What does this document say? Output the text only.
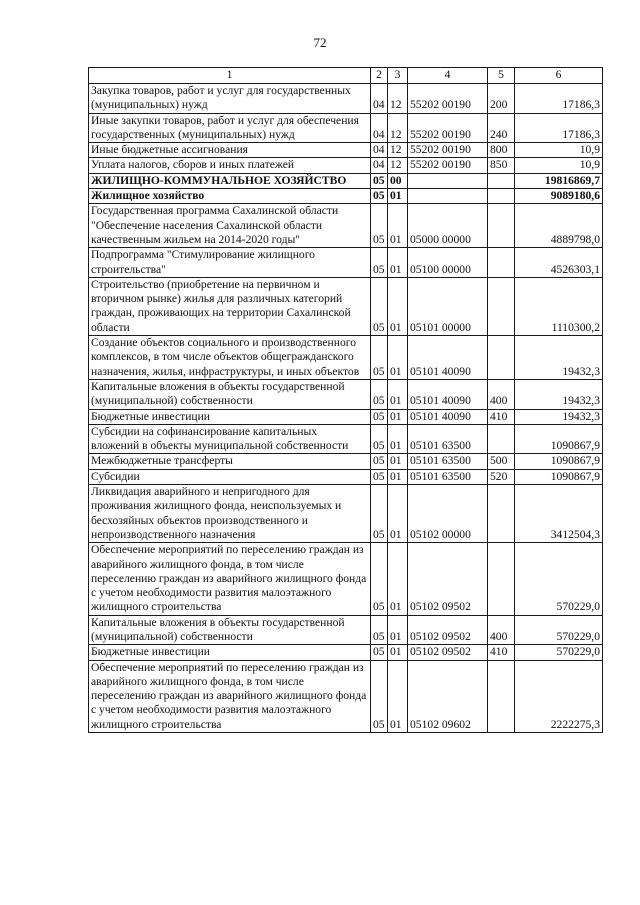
72
1	2	3	4	5	6
Закупка товаров, работ и услуг для государственных (муниципальных) нужд	04	12	55202 00190	200	17186,3
Иные закупки товаров, работ и услуг для обеспечения государственных (муниципальных) нужд	04	12	55202 00190	240	17186,3
Иные бюджетные ассигнования	04	12	55202 00190	800	10,9
Уплата налогов, сборов и иных платежей	04	12	55202 00190	850	10,9
ЖИЛИЩНО-КОММУНАЛЬНОЕ ХОЗЯЙСТВО	05	00			19816869,7
Жилищное хозяйство	05	01			9089180,6
Государственная программа Сахалинской области "Обеспечение населения Сахалинской области качественным жильем на 2014-2020 годы"	05	01	05000 00000		4889798,0
Подпрограмма "Стимулирование жилищного строительства"	05	01	05100 00000		4526303,1
Строительство (приобретение на первичном и вторичном рынке) жилья для различных категорий граждан, проживающих на территории Сахалинской области	05	01	05101 00000		1110300,2
Создание объектов социального и производственного комплексов, в том числе объектов общегражданского назначения, жилья, инфраструктуры, и иных объектов	05	01	05101 40090		19432,3
Капитальные вложения в объекты государственной (муниципальной) собственности	05	01	05101 40090	400	19432,3
Бюджетные инвестиции	05	01	05101 40090	410	19432,3
Субсидии на софинансирование капитальных вложений в объекты муниципальной собственности	05	01	05101 63500		1090867,9
Межбюджетные трансферты	05	01	05101 63500	500	1090867,9
Субсидии	05	01	05101 63500	520	1090867,9
Ликвидация аварийного и непригодного для проживания жилищного фонда, неиспользуемых и бесхозяйных объектов производственного и непроизводственного назначения	05	01	05102 00000		3412504,3
Обеспечение мероприятий по переселению граждан из аварийного жилищного фонда, в том числе переселению граждан из аварийного жилищного фонда с учетом необходимости развития малоэтажного жилищного строительства	05	01	05102 09502		570229,0
Капитальные вложения в объекты государственной (муниципальной) собственности	05	01	05102 09502	400	570229,0
Бюджетные инвестиции	05	01	05102 09502	410	570229,0
Обеспечение мероприятий по переселению граждан из аварийного жилищного фонда, в том числе переселению граждан из аварийного жилищного фонда с учетом необходимости развития малоэтажного жилищного строительства	05	01	05102 09602		2222275,3
